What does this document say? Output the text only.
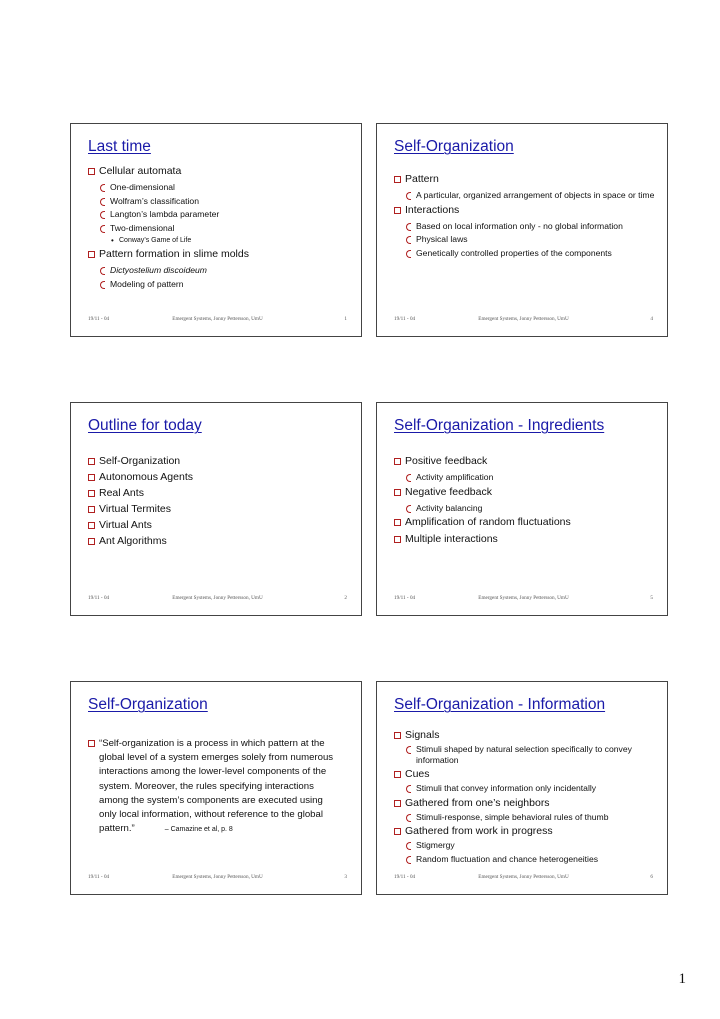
Last time
Cellular automata
One-dimensional
Wolfram’s classification
Langton’s lambda parameter
Two-dimensional
• Conway’s Game of Life
Pattern formation in slime molds
Dictyostelium discoideum
Modeling of pattern
19/11 - 04	Emergent Systems, Jonny Pettersson, UmU	1
Self-Organization
Pattern
A particular, organized arrangement of objects in space or time
Interactions
Based on local information only - no global information
Physical laws
Genetically controlled properties of the components
19/11 - 04	Emergent Systems, Jonny Pettersson, UmU	4
Outline for today
Self-Organization
Autonomous Agents
Real Ants
Virtual Termites
Virtual Ants
Ant Algorithms
19/11 - 04	Emergent Systems, Jonny Pettersson, UmU	2
Self-Organization - Ingredients
Positive feedback
Activity amplification
Negative feedback
Activity balancing
Amplification of random fluctuations
Multiple interactions
19/11 - 04	Emergent Systems, Jonny Pettersson, UmU	5
Self-Organization
“Self-organization is a process in which pattern at the global level of a system emerges solely from numerous interactions among the lower-level components of the system. Moreover, the rules specifying interactions among the system’s components are executed using only local information, without reference to the global pattern.”	– Camazine et al, p. 8
19/11 - 04	Emergent Systems, Jonny Pettersson, UmU	3
Self-Organization - Information
Signals
Stimuli shaped by natural selection specifically to convey information
Cues
Stimuli that convey information only incidentally
Gathered from one’s neighbors
Stimuli-response, simple behavioral rules of thumb
Gathered from work in progress
Stigmergy
Random fluctuation and chance heterogeneities
19/11 - 04	Emergent Systems, Jonny Pettersson, UmU	6
1
